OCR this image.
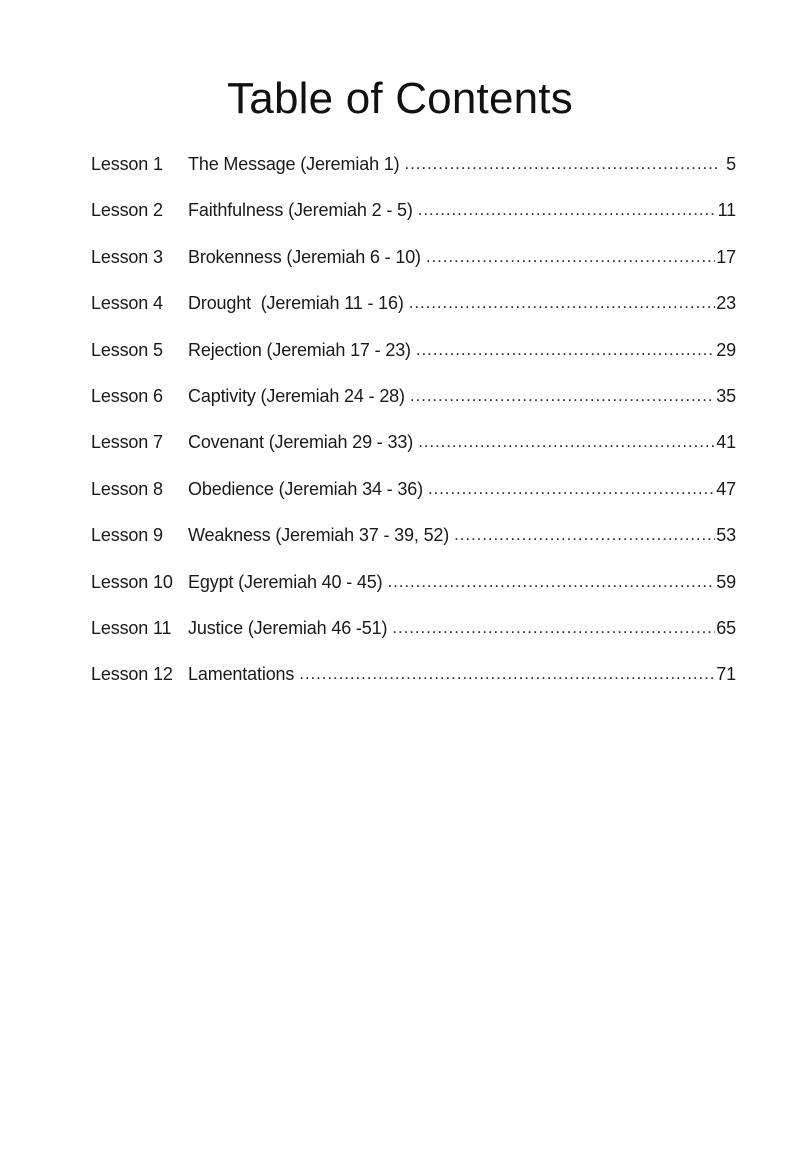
Table of Contents
Lesson 1	The Message (Jeremiah 1) .....	5
Lesson 2	Faithfulness (Jeremiah 2 - 5) .....	11
Lesson 3	Brokenness (Jeremiah 6 - 10) .....	17
Lesson 4	Drought  (Jeremiah 11 - 16) .....	23
Lesson 5	Rejection (Jeremiah 17 - 23) .....	29
Lesson 6	Captivity (Jeremiah 24 - 28) .....	35
Lesson 7	Covenant (Jeremiah 29 - 33) .....	41
Lesson 8	Obedience (Jeremiah 34 - 36) .....	47
Lesson 9	Weakness (Jeremiah 37 - 39, 52) .....	53
Lesson 10 Egypt (Jeremiah 40 - 45) .....	59
Lesson 11 Justice (Jeremiah 46 -51) .....	65
Lesson 12 Lamentations .....	71
